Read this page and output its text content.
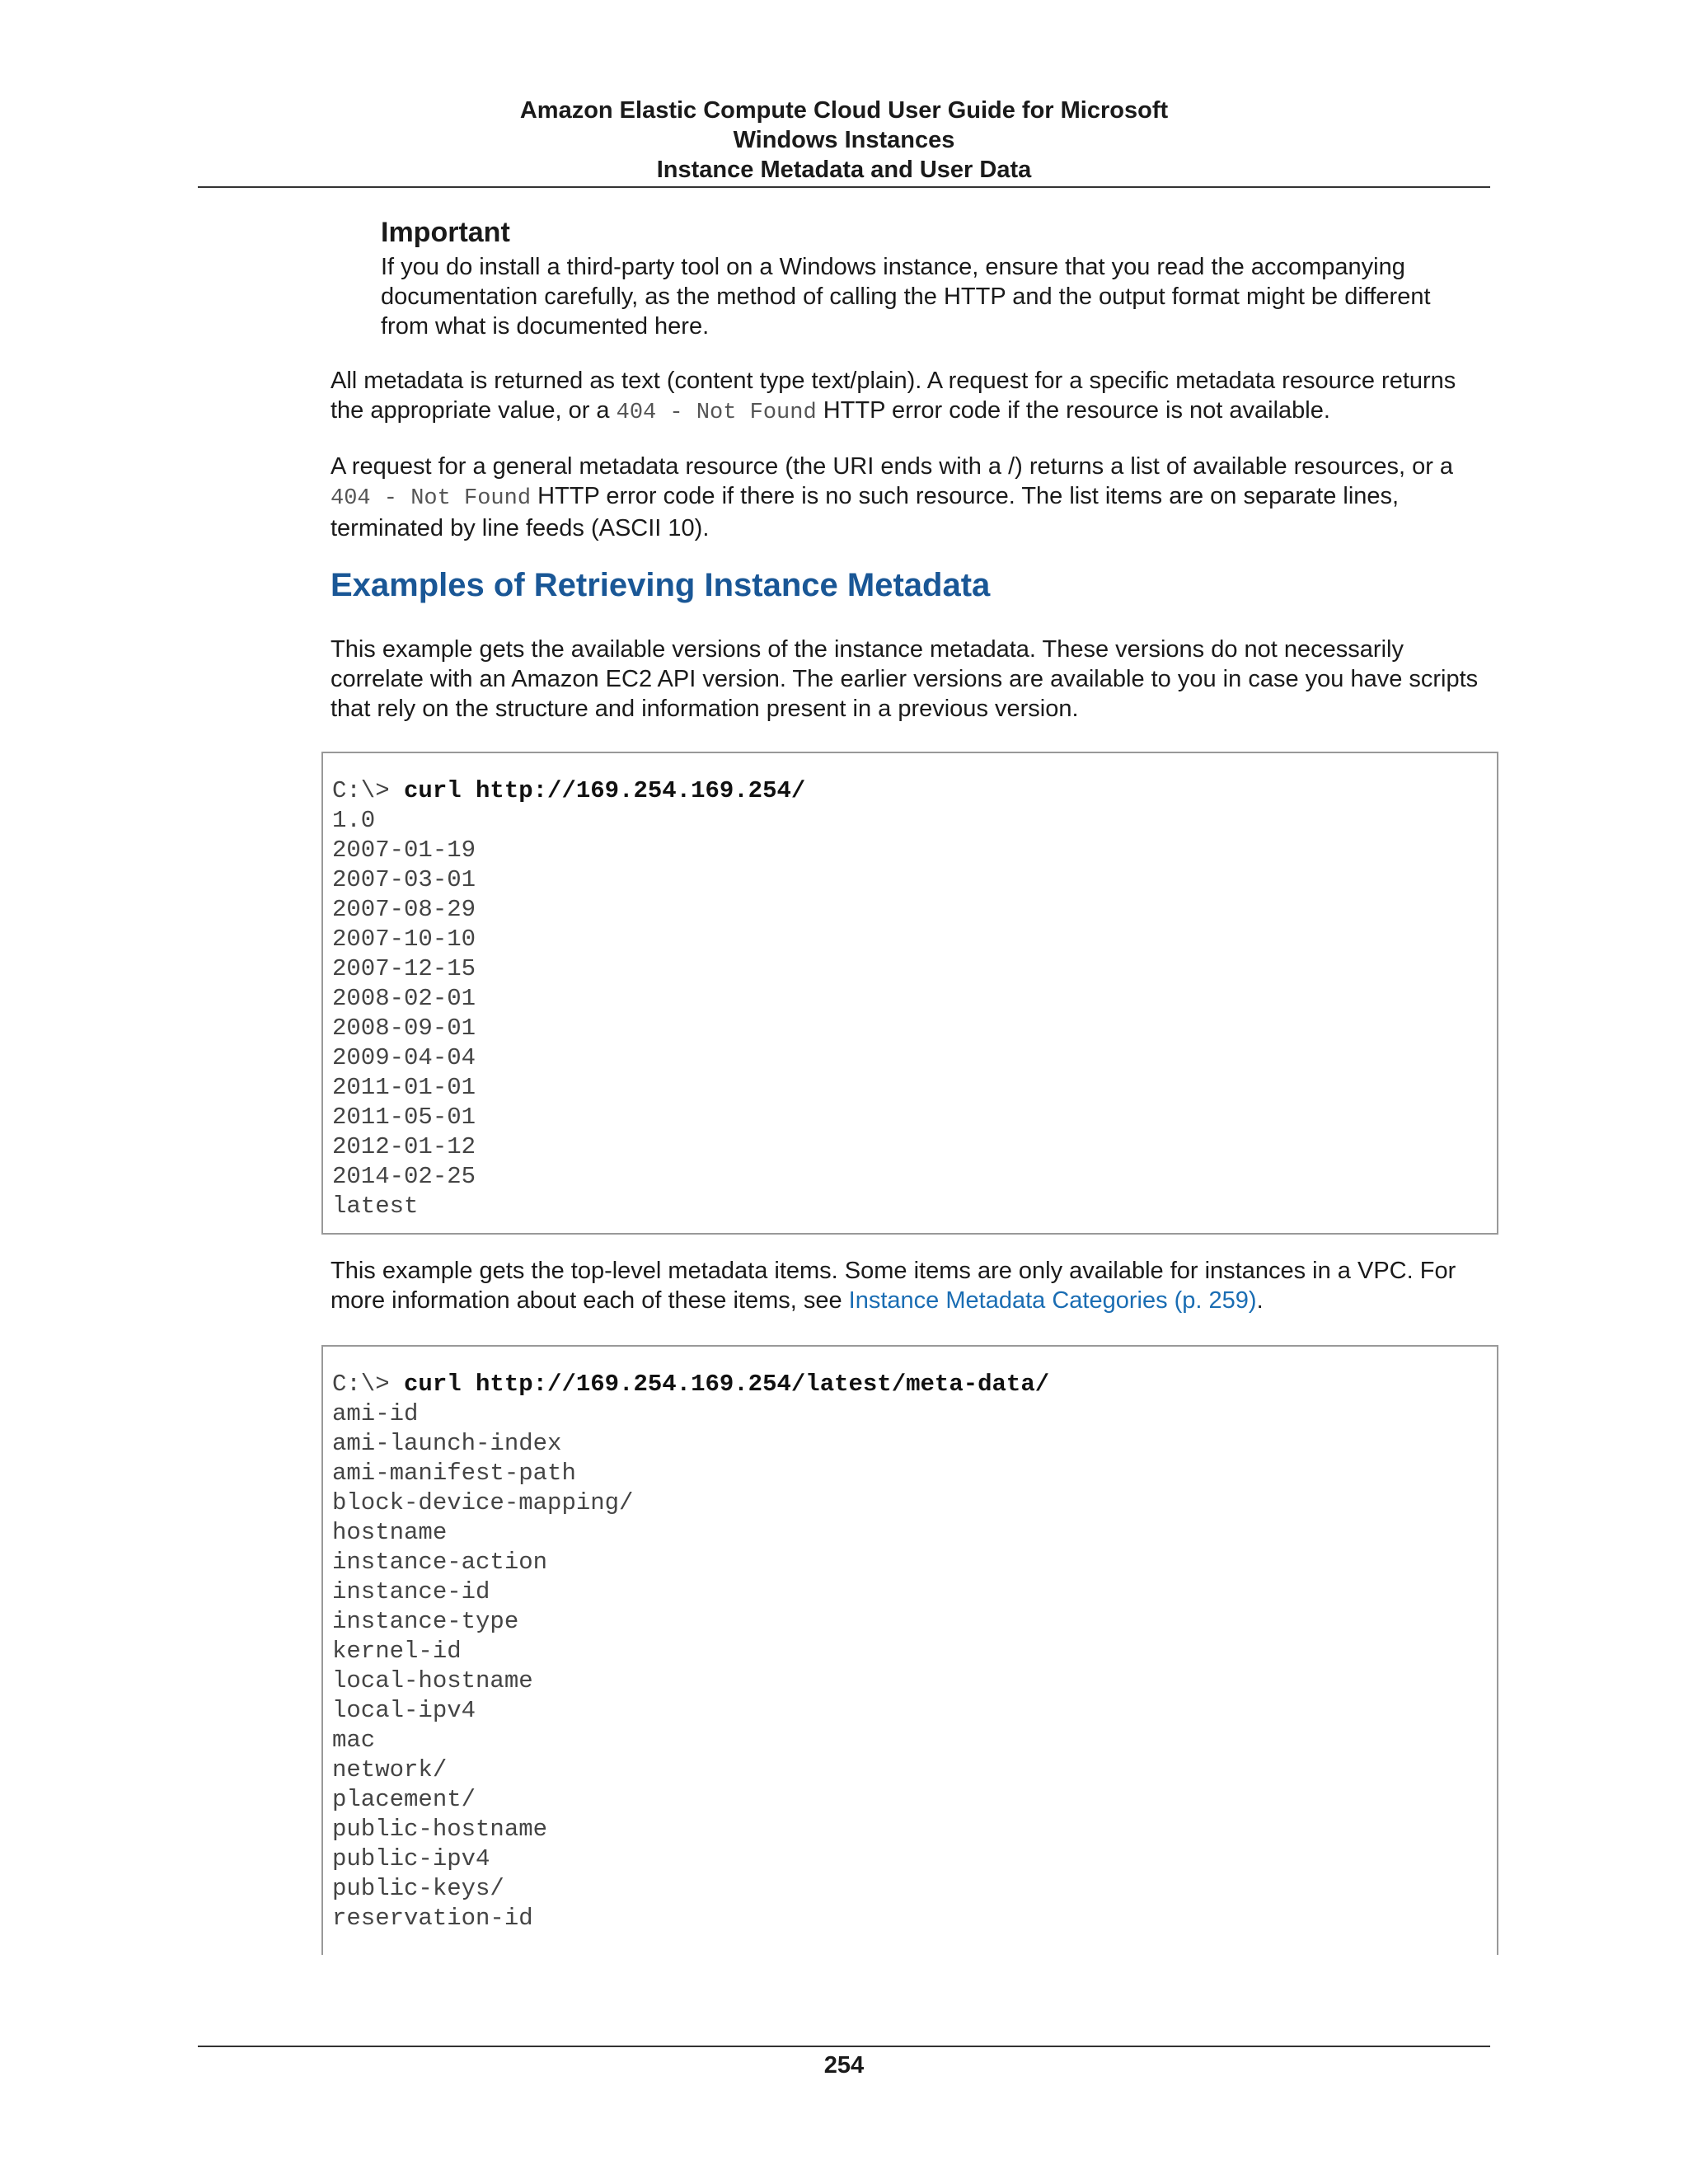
Amazon Elastic Compute Cloud User Guide for Microsoft
Windows Instances
Instance Metadata and User Data
Important
If you do install a third-party tool on a Windows instance, ensure that you read the accompanying documentation carefully, as the method of calling the HTTP and the output format might be different from what is documented here.

All metadata is returned as text (content type text/plain). A request for a specific metadata resource returns the appropriate value, or a 404 - Not Found HTTP error code if the resource is not available.

A request for a general metadata resource (the URI ends with a /) returns a list of available resources, or a 404 - Not Found HTTP error code if there is no such resource. The list items are on separate lines, terminated by line feeds (ASCII 10).

Examples of Retrieving Instance Metadata

This example gets the available versions of the instance metadata. These versions do not necessarily correlate with an Amazon EC2 API version. The earlier versions are available to you in case you have scripts that rely on the structure and information present in a previous version.

C:\> curl http://169.254.169.254/
1.0
2007-01-19
2007-03-01
2007-08-29
2007-10-10
2007-12-15
2008-02-01
2008-09-01
2009-04-04
2011-01-01
2011-05-01
2012-01-12
2014-02-25
latest

This example gets the top-level metadata items. Some items are only available for instances in a VPC. For more information about each of these items, see Instance Metadata Categories (p. 259).

C:\> curl http://169.254.169.254/latest/meta-data/
ami-id
ami-launch-index
ami-manifest-path
block-device-mapping/
hostname
instance-action
instance-id
instance-type
kernel-id
local-hostname
local-ipv4
mac
network/
placement/
public-hostname
public-ipv4
public-keys/
reservation-id
254
